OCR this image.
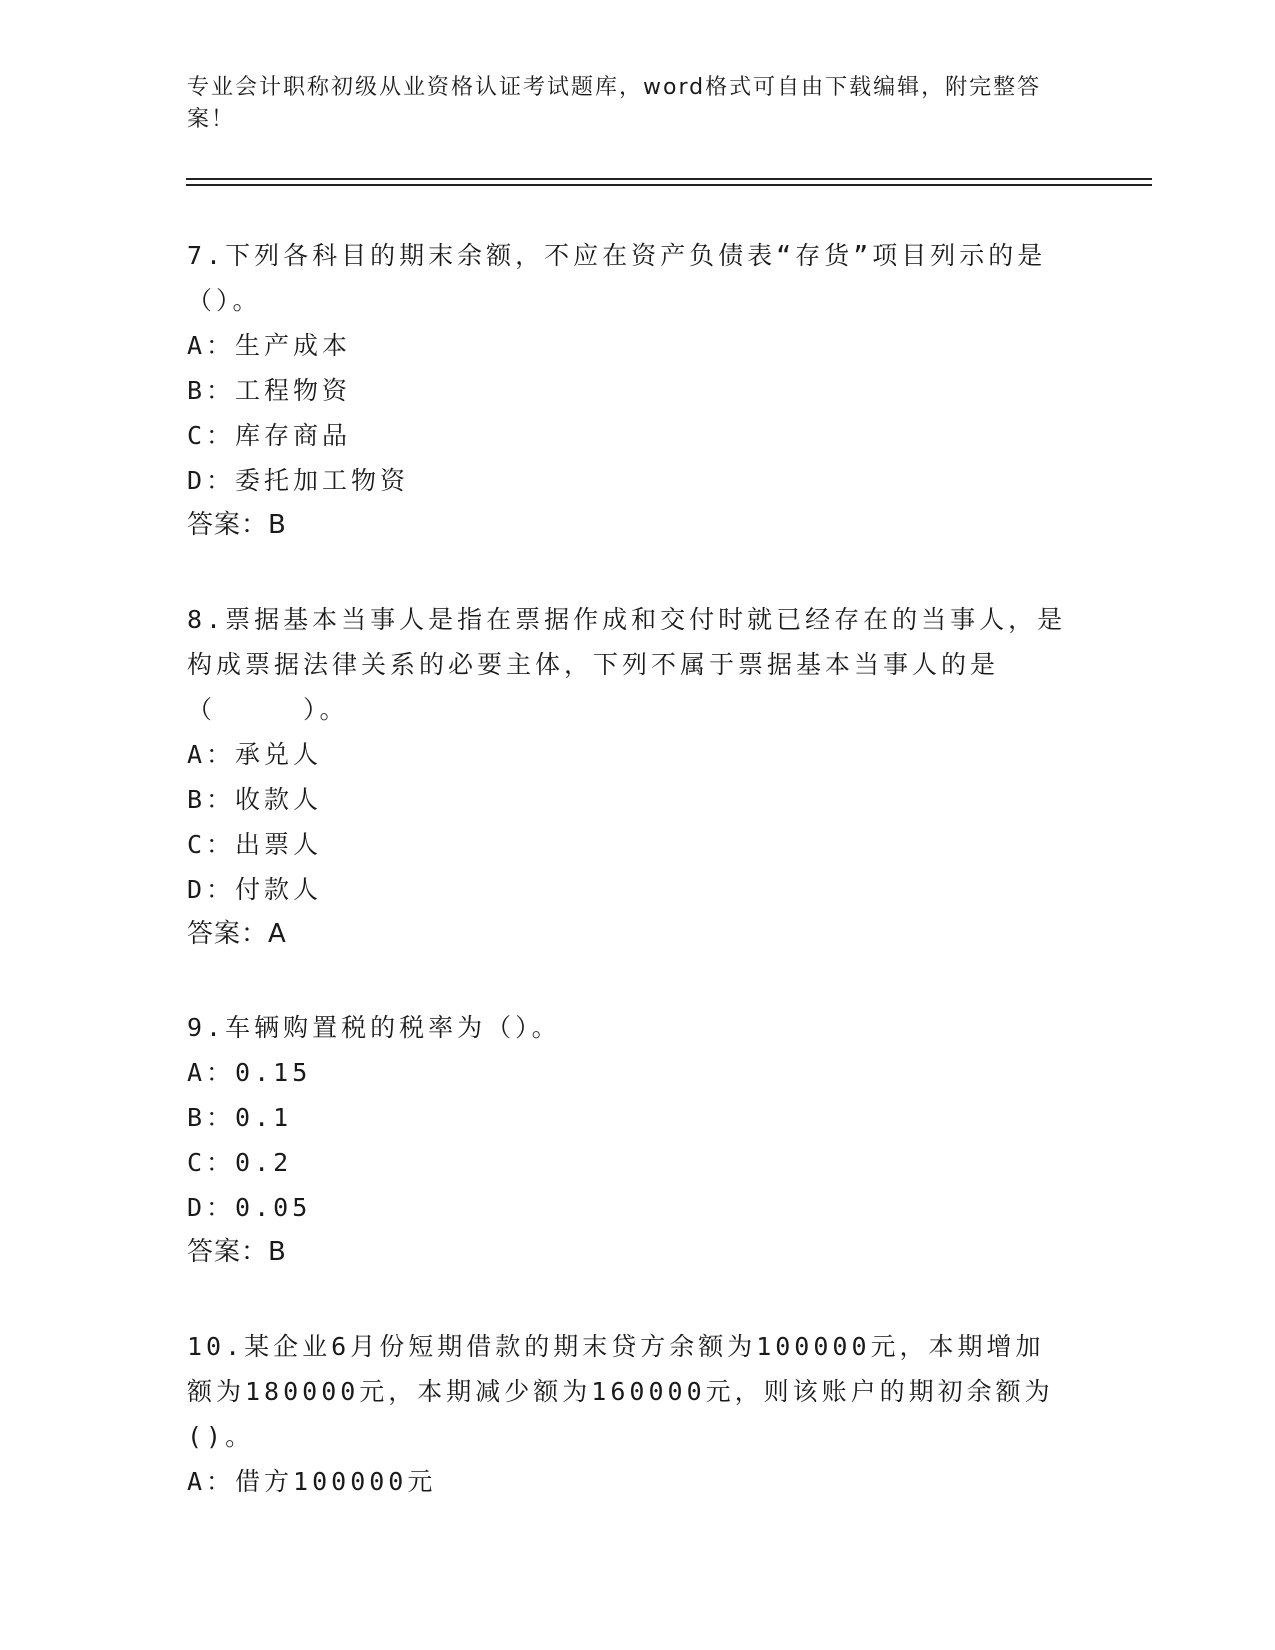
专业会计职称初级从业资格认证考试题库，word格式可自由下载编辑，附完整答案！

7.下列各科目的期末余额，不应在资产负债表“存货”项目列示的是（）。

A：生产成本

B：工程物资

C：库存商品

D：委托加工物资

答案：B

8.票据基本当事人是指在票据作成和交付时就已经存在的当事人，是构成票据法律关系的必要主体，下列不属于票据基本当事人的是（　　　）。

A：承兑人

B：收款人

C：出票人

D：付款人

答案：A

9.车辆购置税的税率为（）。

A：0.15

B：0.1

C：0.2

D：0.05

答案：B

10.某企业6月份短期借款的期末贷方余额为100000元，本期增加额为180000元，本期减少额为160000元，则该账户的期初余额为()。

A：借方100000元
